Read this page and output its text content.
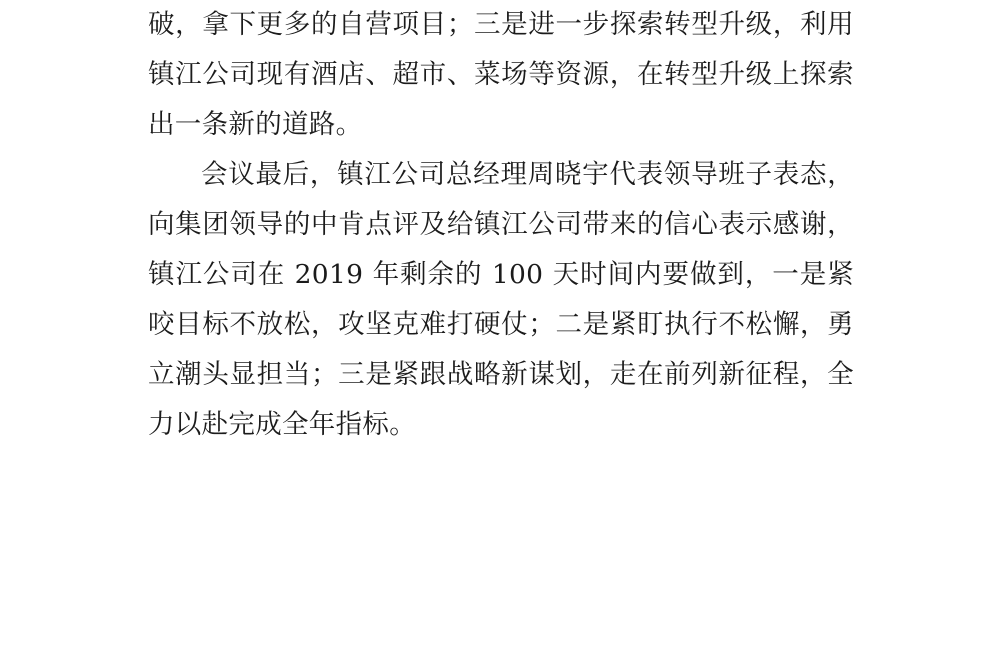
破，拿下更多的自营项目；三是进一步探索转型升级，利用镇江公司现有酒店、超市、菜场等资源，在转型升级上探索出一条新的道路。

会议最后，镇江公司总经理周晓宇代表领导班子表态，向集团领导的中肯点评及给镇江公司带来的信心表示感谢，镇江公司在 2019 年剩余的 100 天时间内要做到，一是紧咬目标不放松，攻坚克难打硬仗；二是紧盯执行不松懈，勇立潮头显担当；三是紧跟战略新谋划，走在前列新征程，全力以赴完成全年指标。
